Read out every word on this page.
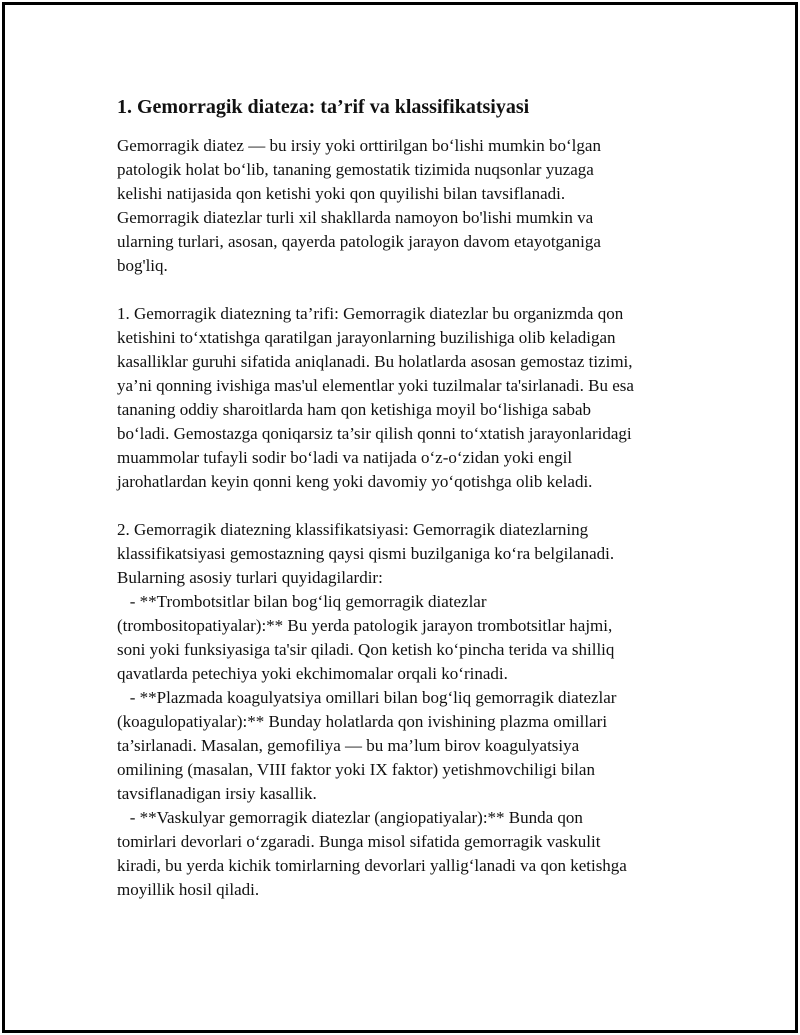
1. Gemorragik diateza: ta’rif va klassifikatsiyasi
Gemorragik diatez — bu irsiy yoki orttirilgan bo‘lishi mumkin bo‘lgan
patologik holat bo‘lib, tananing gemostatik tizimida nuqsonlar yuzaga
kelishi natijasida qon ketishi yoki qon quyilishi bilan tavsiflanadi.
Gemorragik diatezlar turli xil shakllarda namoyon bo'lishi mumkin va
ularning turlari, asosan, qayerda patologik jarayon davom etayotganiga
bog'liq.
1. Gemorragik diatezning ta’rifi: Gemorragik diatezlar bu organizmda qon
ketishini to‘xtatishga qaratilgan jarayonlarning buzilishiga olib keladigan
kasalliklar guruhi sifatida aniqlanadi. Bu holatlarda asosan gemostaz tizimi,
ya’ni qonning ivishiga mas'ul elementlar yoki tuzilmalar ta'sirlanadi. Bu esa
tananing oddiy sharoitlarda ham qon ketishiga moyil bo‘lishiga sabab
bo‘ladi. Gemostazga qoniqarsiz ta’sir qilish qonni to‘xtatish jarayonlaridagi
muammolar tufayli sodir bo‘ladi va natijada o‘z-o‘zidan yoki engil
jarohatlardan keyin qonni keng yoki davomiy yo‘qotishga olib keladi.
2. Gemorragik diatezning klassifikatsiyasi: Gemorragik diatezlarning
klassifikatsiyasi gemostazning qaysi qismi buzilganiga ko‘ra belgilanadi.
Bularning asosiy turlari quyidagilardir:
- **Trombotsitlar bilan bog‘liq gemorragik diatezlar
(trombositopatiyalar):** Bu yerda patologik jarayon trombotsitlar hajmi,
soni yoki funksiyasiga ta'sir qiladi. Qon ketish ko‘pincha terida va shilliq
qavatlarda petechiya yoki ekchimomalar orqali ko‘rinadi.
- **Plazmada koagulyatsiya omillari bilan bog‘liq gemorragik diatezlar
(koagulopatiyalar):** Bunday holatlarda qon ivishining plazma omillari
ta’sirlanadi. Masalan, gemofiliya — bu ma’lum birov koagulyatsiya
omilining (masalan, VIII faktor yoki IX faktor) yetishmovchiligi bilan
tavsiflanadigan irsiy kasallik.
- **Vaskulyar gemorragik diatezlar (angiopatiyalar):** Bunda qon
tomirlari devorlari o‘zgaradi. Bunga misol sifatida gemorragik vaskulit
kiradi, bu yerda kichik tomirlarning devorlari yallig‘lanadi va qon ketishga
moyillik hosil qiladi.
